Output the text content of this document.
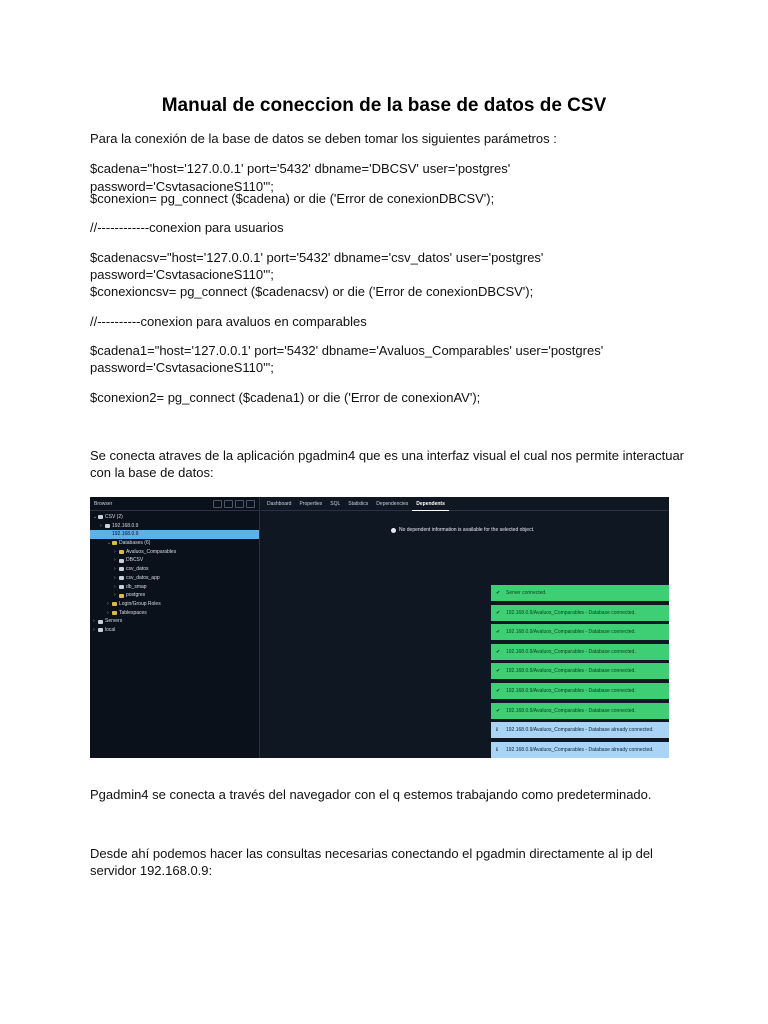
Manual de coneccion de la base de datos de CSV
Para la conexión de la base de datos se deben tomar los siguientes parámetros :
$cadena="host='127.0.0.1' port='5432' dbname='DBCSV' user='postgres' password='CsvtasacioneS110'";
$conexion= pg_connect ($cadena) or die ('Error de conexionDBCSV');
//------------conexion para usuarios
$cadenacsv="host='127.0.0.1' port='5432' dbname='csv_datos' user='postgres'
password='CsvtasacioneS110'";
$conexioncsv= pg_connect ($cadenacsv) or die ('Error de conexionDBCSV');
//----------conexion para avaluos en comparables
$cadena1="host='127.0.0.1' port='5432' dbname='Avaluos_Comparables' user='postgres'
password='CsvtasacioneS110'";
$conexion2= pg_connect ($cadena1) or die ('Error de conexionAV');
Se conecta atraves de la aplicación pgadmin4 que es una interfaz visual el cual nos permite interactuar
con la base de datos:
Browser
⌄ CSV (2)
›	192.168.0.9
⌄ 192.168.0.9
⌄ Databases (6)
›	Avaluos_Comparables
›	DBCSV
›	csv_datos
›	csv_datos_app
›	db_smap
›	postgres
›	Login/Group Roles
›	Tablespaces
›	Servers
›	local
Dashboard	Properties	SQL	Statistics	Dependencies	Dependents
No dependent information is available for the selected object.
✔	Server connected.
✔	192.168.0.9/Avaluos_Comparables - Database connected.
✔	192.168.0.9/Avaluos_Comparables - Database connected.
✔	192.168.0.9/Avaluos_Comparables - Database connected.
✔	192.168.0.9/Avaluos_Comparables - Database connected.
✔	192.168.0.9/Avaluos_Comparables - Database connected.
✔	192.168.0.9/Avaluos_Comparables - Database connected.
ℹ	192.168.0.9/Avaluos_Comparables - Database already connected.
ℹ	192.168.0.9/Avaluos_Comparables - Database already connected.
Pgadmin4 se conecta a través del navegador con el q estemos trabajando como predeterminado.
Desde ahí podemos hacer las consultas necesarias conectando el pgadmin directamente al ip del
servidor 192.168.0.9:
